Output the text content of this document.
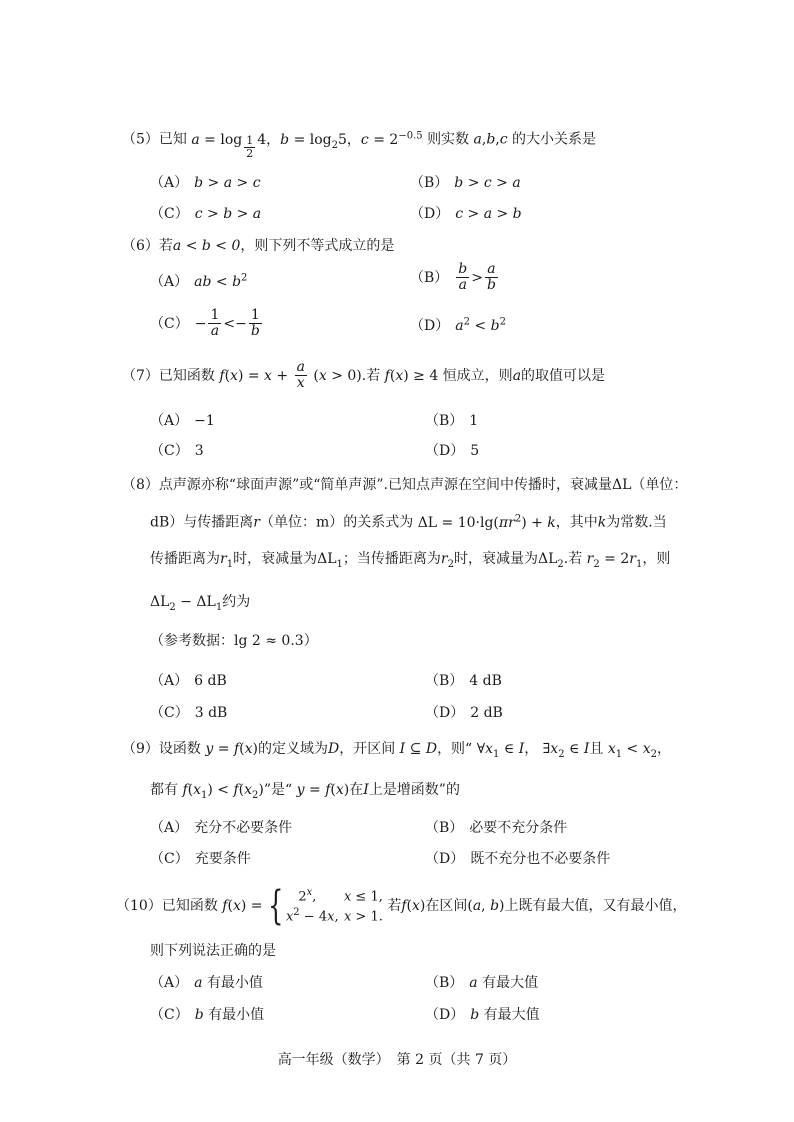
（5）已知 a = log $_{\frac{1}{2}}$ 4，$b = \log_25$，$c = 2^{-0.5}$ 则实数 a,b,c 的大小关系是
（A） b > a > c	（B） b > c > a
（C） c > b > a	（D） c > a > b
（6）若a < b < 0，则下列不等式成立的是
（A） ab < $b^2$	$(B) \frac{b}{a} > \frac{a}{b}$
$(C) - \frac{1}{a} <- \frac{1}{b}$	（D） $a^2 < b^2$
（7）已知函数 $f(x) = x + \frac{a}{x} (x > 0)$.若 f(x) ≥ 4 恒成立，则a的取值可以是
（A） −1	（B） 1
（C） 3	（D） 5
（8）点声源亦称“球面声源”或“简单声源”.已知点声源在空间中传播时，衰减量ΔL（单位：
dB）与传播距离r（单位：m）的关系式为 $\Delta L = 10\cdot\lg(\pi r^2) + k$，其中k为常数.当
传播距离为$r_1$时，衰减量为$\Delta L_1$；当传播距离为$r_2$时，衰减量为$\Delta L_2$.若 $r_2 = 2r_1$，则
$\Delta L_2 - \Delta L_1$约为
（参考数据：lg 2 ≈ 0.3）
（A） 6 dB	（B） 4 dB
（C） 3 dB	（D） 2 dB
（9）设函数 y = f(x)的定义域为D，开区间 I ⊆ D，则“ $\forall x_1$ ∈ I， $\exists x_2$ ∈ I且 $x_1 < x_2$，
都有 $f(x_1) < f(x_2)$”是“ y = f(x)在I上是增函数”的
（A） 充分不必要条件	（B） 必要不充分条件
（C） 充要条件	（D） 既不充分也不必要条件
（10）已知函数 f(x) = { 2$^x$, x ≤ 1,
$x^2 - 4x$, x > 1.
若f(x)在区间(a, b)上既有最大值，又有最小值，
则下列说法正确的是
（A） a 有最小值	（B） a 有最大值
（C） b 有最小值	（D） b 有最大值
高一年级（数学）　第 2 页（共 7 页）
